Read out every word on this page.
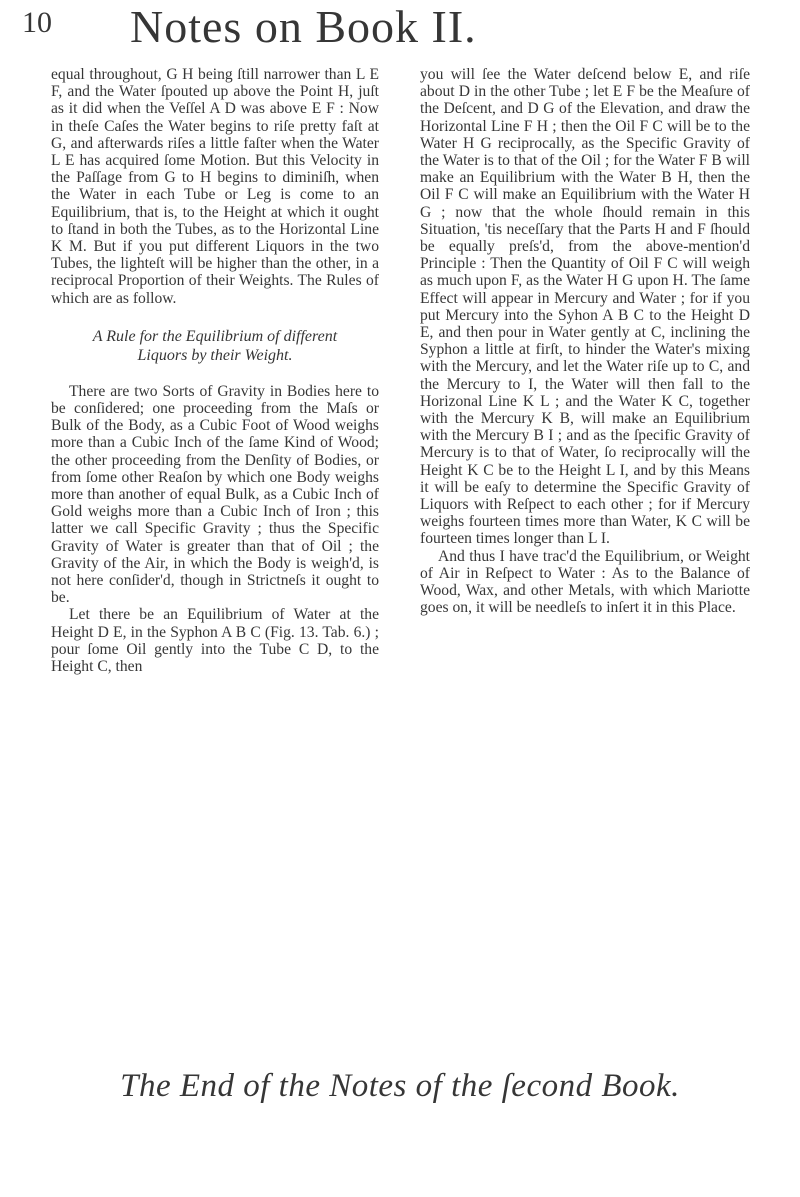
10 Notes on Book II.

equal throughout, G H being ſtill narrower than L E F, and the Water ſpouted up above the Point H, juſt as it did when the Veſſel A D was above E F : Now in theſe Caſes the Water begins to riſe pretty faſt at G, and afterwards riſes a little faſter when the Water L E has acquired ſome Motion. But this Velocity in the Paſſage from G to H begins to diminiſh, when the Water in each Tube or Leg is come to an Equilibrium, that is, to the Height at which it ought to ſtand in both the Tubes, as to the Horizontal Line K M. But if you put different Liquors in the two Tubes, the lighteſt will be higher than the other, in a reciprocal Proportion of their Weights. The Rules of which are as follow.

A Rule for the Equilibrium of different
Liquors by their Weight.

There are two Sorts of Gravity in Bodies here to be conſidered; one proceeding from the Maſs or Bulk of the Body, as a Cubic Foot of Wood weighs more than a Cubic Inch of the ſame Kind of Wood; the other proceeding from the Denſity of Bodies, or from ſome other Reaſon by which one Body weighs more than another of equal Bulk, as a Cubic Inch of Gold weighs more than a Cubic Inch of Iron ; this latter we call Specific Gravity ; thus the Specific Gravity of Water is greater than that of Oil ; the Gravity of the Air, in which the Body is weigh'd, is not here conſider'd, though in Strictneſs it ought to be.

Let there be an Equilibrium of Water at the Height D E, in the Syphon A B C (Fig. 13. Tab. 6.) ; pour ſome Oil gently into the Tube C D, to the Height C, then

you will ſee the Water deſcend below E, and riſe about D in the other Tube ; let E F be the Meaſure of the Deſcent, and D G of the Elevation, and draw the Horizontal Line F H ; then the Oil F C will be to the Water H G reciprocally, as the Specific Gravity of the Water is to that of the Oil ; for the Water F B will make an Equilibrium with the Water B H, then the Oil F C will make an Equilibrium with the Water H G ; now that the whole ſhould remain in this Situation, 'tis neceſſary that the Parts H and F ſhould be equally preſs'd, from the above-mention'd Principle : Then the Quantity of Oil F C will weigh as much upon F, as the Water H G upon H. The ſame Effect will appear in Mercury and Water ; for if you put Mercury into the Syhon A B C to the Height D E, and then pour in Water gently at C, inclining the Syphon a little at firſt, to hinder the Water's mixing with the Mercury, and let the Water riſe up to C, and the Mercury to I, the Water will then fall to the Horizonal Line K L ; and the Water K C, together with the Mercury K B, will make an Equilibrium with the Mercury B I ; and as the ſpecific Gravity of Mercury is to that of Water, ſo reciprocally will the Height K C be to the Height L I, and by this Means it will be eaſy to determine the Specific Gravity of Liquors with Reſpect to each other ; for if Mercury weighs fourteen times more than Water, K C will be fourteen times longer than L I.

And thus I have trac'd the Equilibrium, or Weight of Air in Reſpect to Water : As to the Balance of Wood, Wax, and other Metals, with which Mariotte goes on, it will be needleſs to inſert it in this Place.

The End of the Notes of the ſecond Book.
